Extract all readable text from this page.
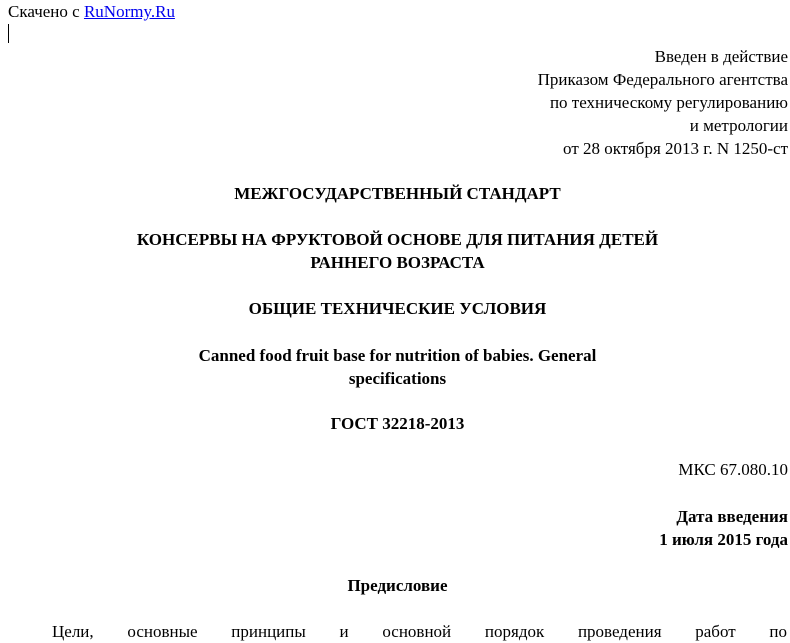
Скачено с RuNormy.Ru
Введен в действие
Приказом Федерального агентства
по техническому регулированию
и метрологии
от 28 октября 2013 г. N 1250-ст
МЕЖГОСУДАРСТВЕННЫЙ СТАНДАРТ
КОНСЕРВЫ НА ФРУКТОВОЙ ОСНОВЕ ДЛЯ ПИТАНИЯ ДЕТЕЙ
РАННЕГО ВОЗРАСТА
ОБЩИЕ ТЕХНИЧЕСКИЕ УСЛОВИЯ
Canned food fruit base for nutrition of babies. General
specifications
ГОСТ 32218-2013
МКС 67.080.10
Дата введения
1 июля 2015 года
Предисловие
Цели, основные принципы и основной порядок проведения работ по
